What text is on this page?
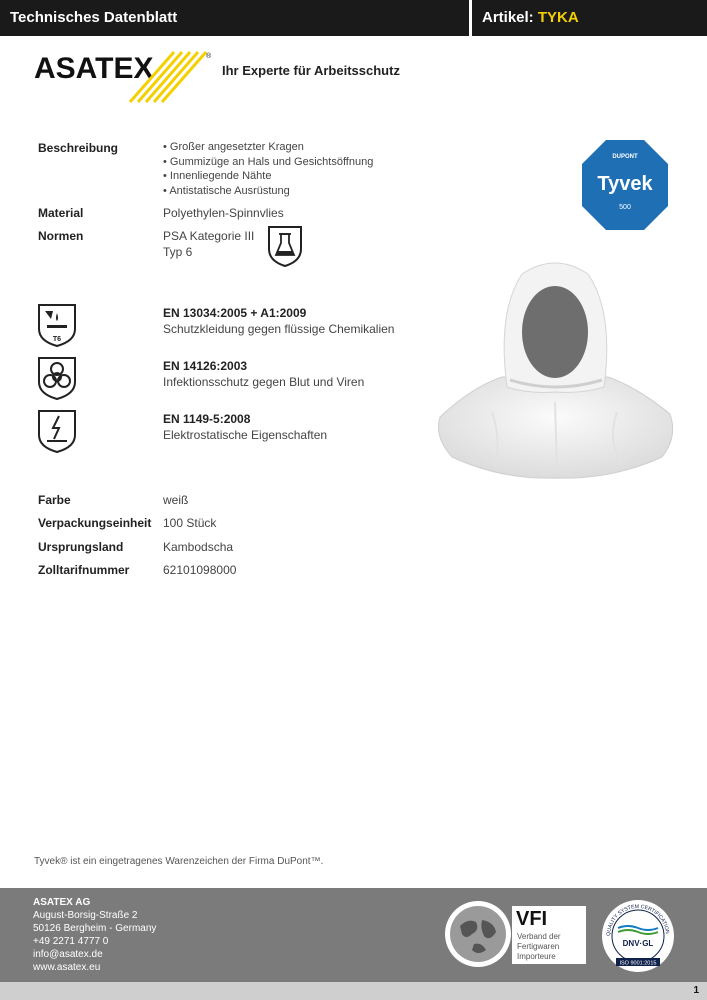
Technisches Datenblatt	Artikel: TYKA
ASATEX	®
Ihr Experte für Arbeitsschutz
Beschreibung
•	Großer angesetzter Kragen
• Gummizüge an Hals und Gesichtsöffnung
• Innenliegende Nähte
• Antistatische Ausrüstung
Material	Polyethylen-Spinnvlies
Normen	PSA Kategorie III
Typ 6
T6
EN 13034:2005 + A1:2009
Schutzkleidung gegen flüssige Chemikalien
EN 14126:2003
Infektionsschutz gegen Blut und Viren
EN 1149-5:2008
Elektrostatische Eigenschaften
Farbe	weiß
Verpackungseinheit 100 Stück
Ursprungsland	Kambodscha
Zolltarifnummer	62101098000
DUPONT
Tyvek
500
Tyvek® ist ein eingetragenes Warenzeichen der Firma DuPont™.
ASATEX AG
August-Borsig-Straße 2
50126 Bergheim - Germany
+49 2271 4777 0
info@asatex.de
www.asatex.eu
VFI
Verband der
Fertigwaren
Importeure
QUALITY SYSTEM CERTIFICATION
DNV·GL
ISO 9001:2015
1
